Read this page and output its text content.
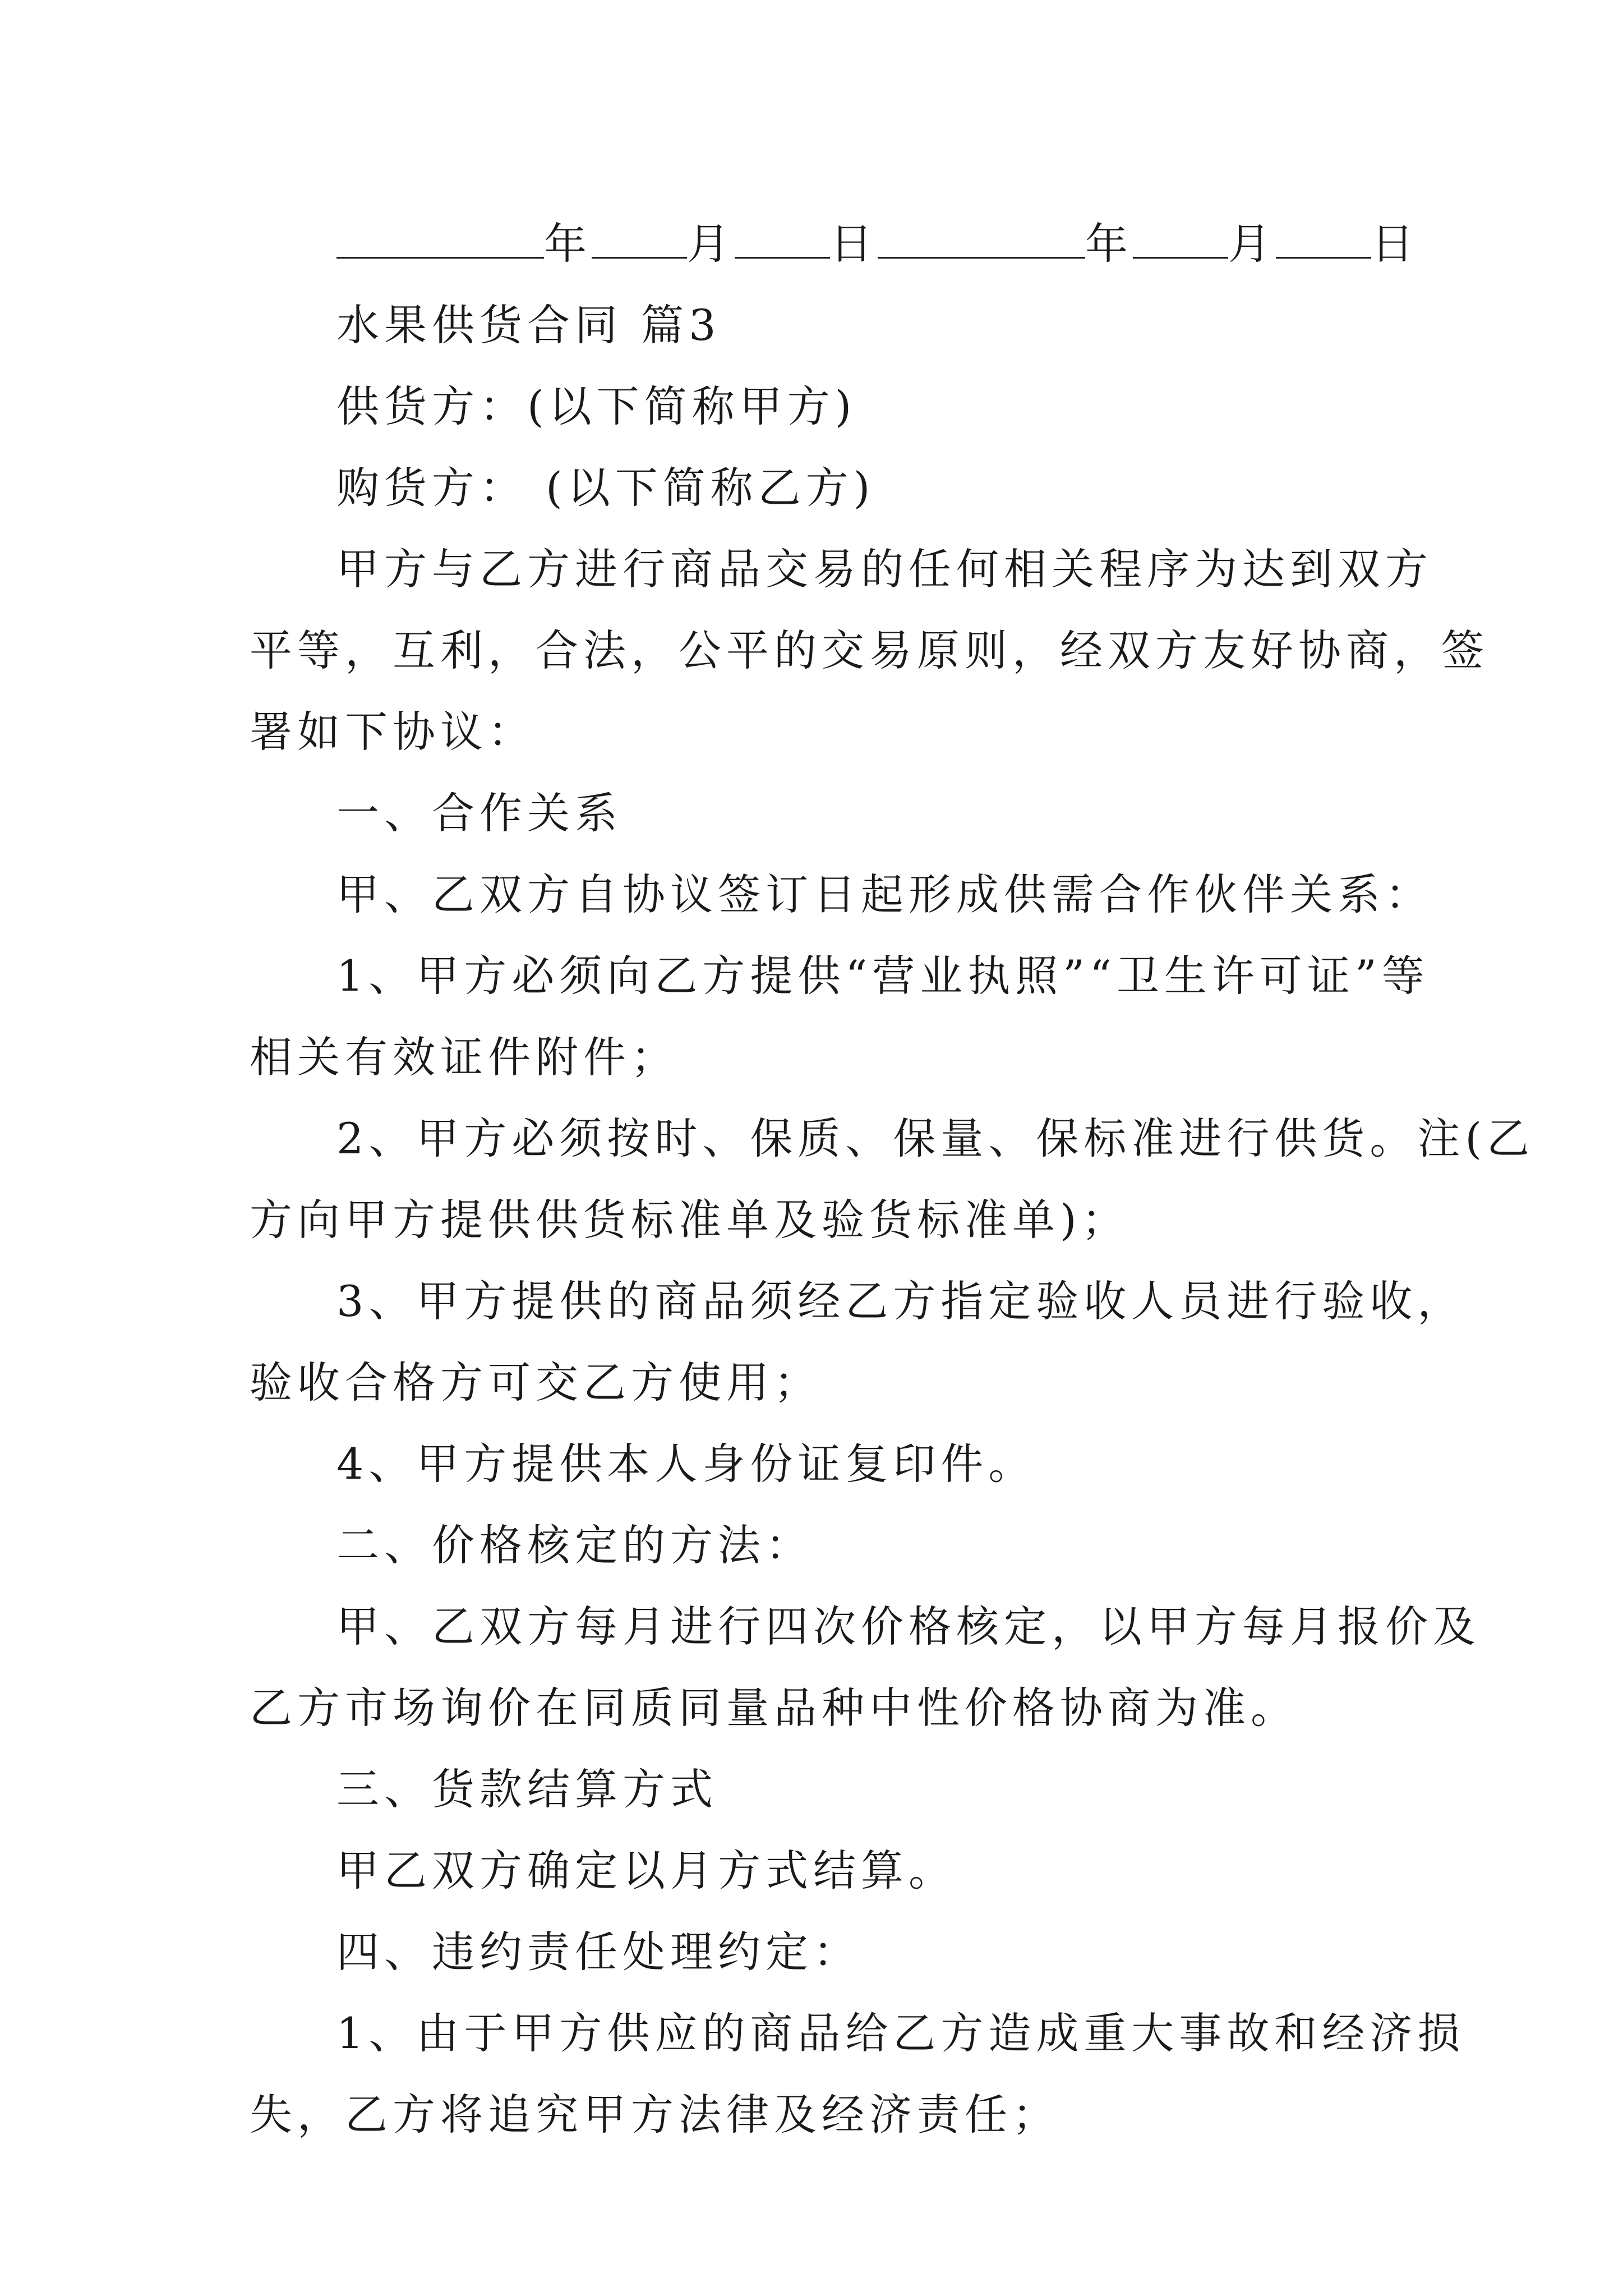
年 月 日	年 月 日
水果供货合同 篇3
供货方：(以下简称甲方)
购货方： (以下简称乙方)
甲方与乙方进行商品交易的任何相关程序为达到双方
平等，互利，合法，公平的交易原则，经双方友好协商，签
署如下协议：
一、合作关系
甲、乙双方自协议签订日起形成供需合作伙伴关系：
1、甲方必须向乙方提供“营业执照”“卫生许可证”等
相关有效证件附件；
2、甲方必须按时、保质、保量、保标准进行供货。注(乙
方向甲方提供供货标准单及验货标准单)；
3、甲方提供的商品须经乙方指定验收人员进行验收，
验收合格方可交乙方使用；
4、甲方提供本人身份证复印件。
二、价格核定的方法：
甲、乙双方每月进行四次价格核定，以甲方每月报价及
乙方市场询价在同质同量品种中性价格协商为准。
三、货款结算方式
甲乙双方确定以月方式结算。
四、违约责任处理约定：
1、由于甲方供应的商品给乙方造成重大事故和经济损
失，乙方将追究甲方法律及经济责任；
